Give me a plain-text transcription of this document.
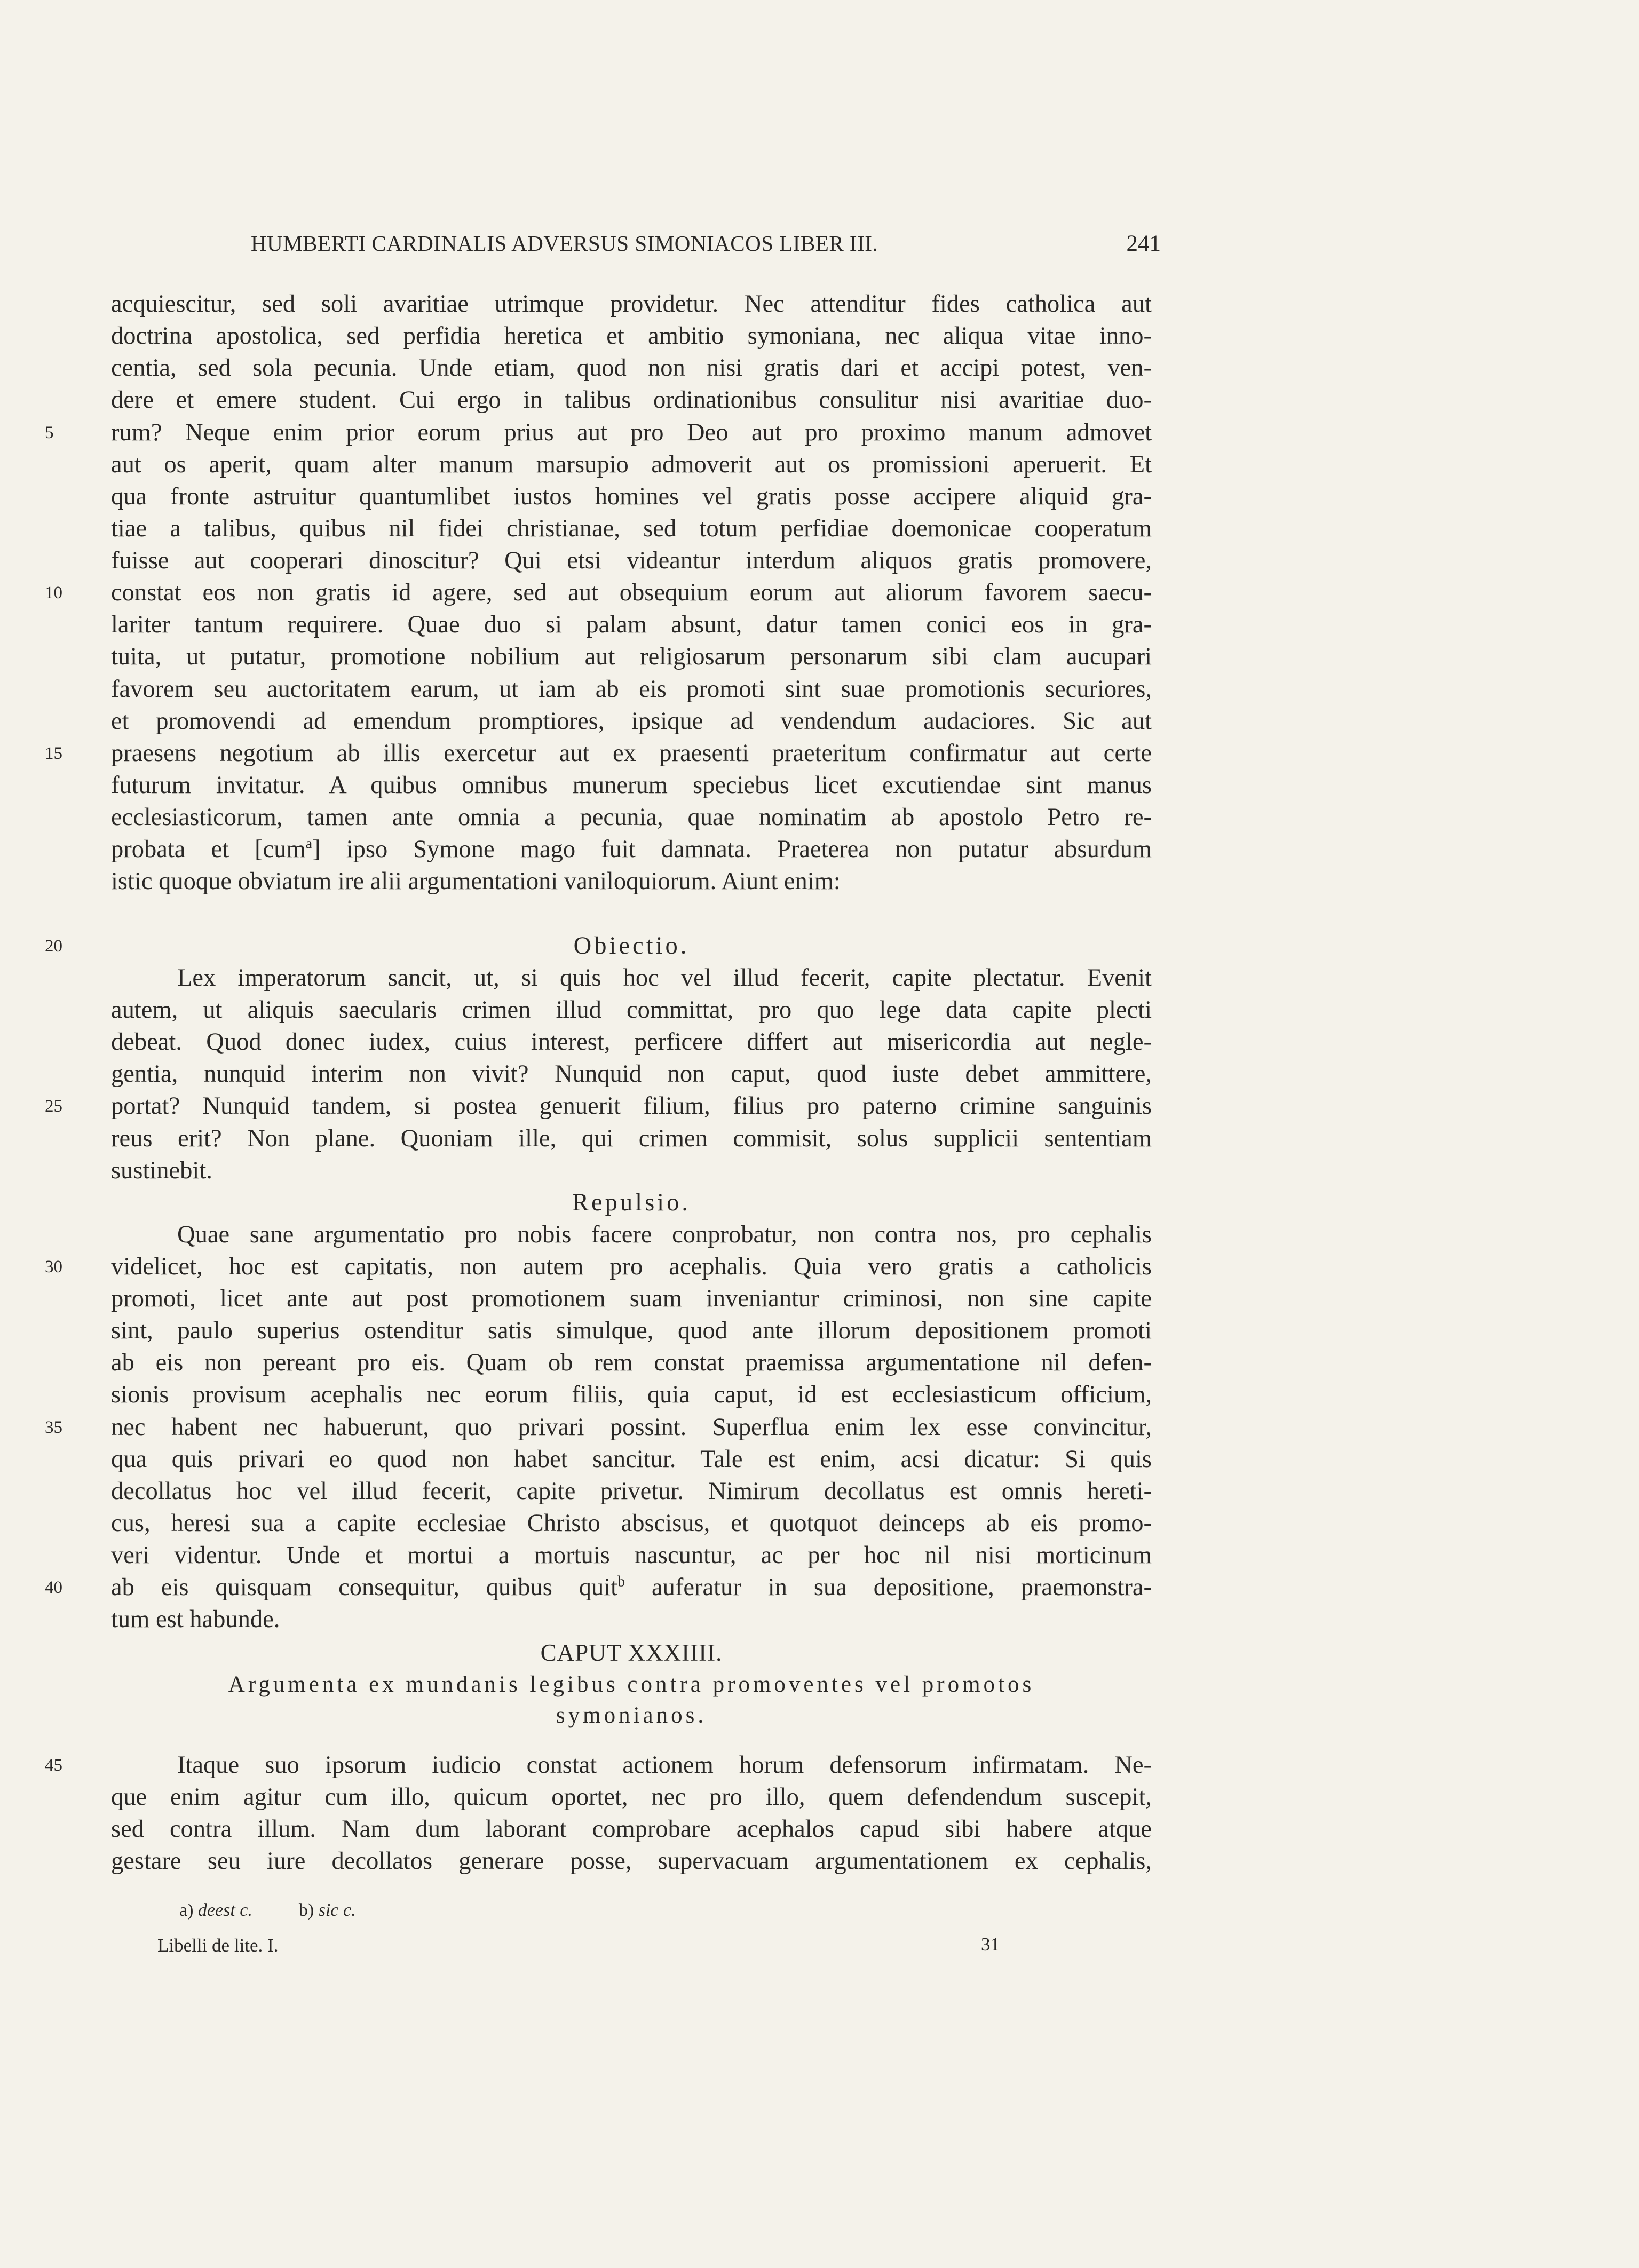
HUMBERTI CARDINALIS ADVERSUS SIMONIACOS LIBER III.	241
acquiescitur, sed soli avaritiae utrimque providetur. Nec attenditur fides catholica aut
doctrina apostolica, sed perfidia heretica et ambitio symoniana, nec aliqua vitae inno-
centia, sed sola pecunia. Unde etiam, quod non nisi gratis dari et accipi potest, ven-
dere et emere student. Cui ergo in talibus ordinationibus consulitur nisi avaritiae duo-
5	rum? Neque enim prior eorum prius aut pro Deo aut pro proximo manum admovet
aut os aperit, quam alter manum marsupio admoverit aut os promissioni aperuerit. Et
qua fronte astruitur quantumlibet iustos homines vel gratis posse accipere aliquid gra-
tiae a talibus, quibus nil fidei christianae, sed totum perfidiae doemonicae cooperatum
fuisse aut cooperari dinoscitur? Qui etsi videantur interdum aliquos gratis promovere,
10	constat eos non gratis id agere, sed aut obsequium eorum aut aliorum favorem saecu-
lariter tantum requirere. Quae duo si palam absunt, datur tamen conici eos in gra-
tuita, ut putatur, promotione nobilium aut religiosarum personarum sibi clam aucupari
favorem seu auctoritatem earum, ut iam ab eis promoti sint suae promotionis securiores,
et promovendi ad emendum promptiores, ipsique ad vendendum audaciores. Sic aut
15	praesens negotium ab illis exercetur aut ex praesenti praeteritum confirmatur aut certe
futurum invitatur. A quibus omnibus munerum speciebus licet excutiendae sint manus
ecclesiasticorum, tamen ante omnia a pecunia, quae nominatim ab apostolo Petro re-
probata et [cum$^a$] ipso Symone mago fuit damnata. Praeterea non putatur absurdum
istic quoque obviatum ire alii argumentationi vaniloquiorum. Aiunt enim:
20	Obiectio.
Lex imperatorum sancit, ut, si quis hoc vel illud fecerit, capite plectatur. Evenit
autem, ut aliquis saecularis crimen illud committat, pro quo lege data capite plecti
debeat. Quod donec iudex, cuius interest, perficere differt aut misericordia aut negle-
gentia, nunquid interim non vivit? Nunquid non caput, quod iuste debet ammittere,
25	portat? Nunquid tandem, si postea genuerit filium, filius pro paterno crimine sanguinis
reus erit? Non plane. Quoniam ille, qui crimen commisit, solus supplicii sententiam
sustinebit.
Repulsio.
Quae sane argumentatio pro nobis facere conprobatur, non contra nos, pro cephalis
30	videlicet, hoc est capitatis, non autem pro acephalis. Quia vero gratis a catholicis
promoti, licet ante aut post promotionem suam inveniantur criminosi, non sine capite
sint, paulo superius ostenditur satis simulque, quod ante illorum depositionem promoti
ab eis non pereant pro eis. Quam ob rem constat praemissa argumentatione nil defen-
sionis provisum acephalis nec eorum filiis, quia caput, id est ecclesiasticum officium,
35	nec habent nec habuerunt, quo privari possint. Superflua enim lex esse convincitur,
qua quis privari eo quod non habet sancitur. Tale est enim, acsi dicatur: Si quis
decollatus hoc vel illud fecerit, capite privetur. Nimirum decollatus est omnis hereti-
cus, heresi sua a capite ecclesiae Christo abscisus, et quotquot deinceps ab eis promo-
veri videntur. Unde et mortui a mortuis nascuntur, ac per hoc nil nisi morticinum
40	ab eis quisquam consequitur, quibus quit$^b$ auferatur in sua depositione, praemonstra-
tum est habunde.
CAPUT XXXIIII.
Argumenta ex mundanis legibus contra promoventes vel promotos
symonianos.
45	Itaque suo ipsorum iudicio constat actionem horum defensorum infirmatam. Ne-
que enim agitur cum illo, quicum oportet, nec pro illo, quem defendendum suscepit,
sed contra illum. Nam dum laborant comprobare acephalos capud sibi habere atque
gestare seu iure decollatos generare posse, supervacuam argumentationem ex cephalis,
a) deest c.	b) sic c.
Libelli de lite. I.	31
